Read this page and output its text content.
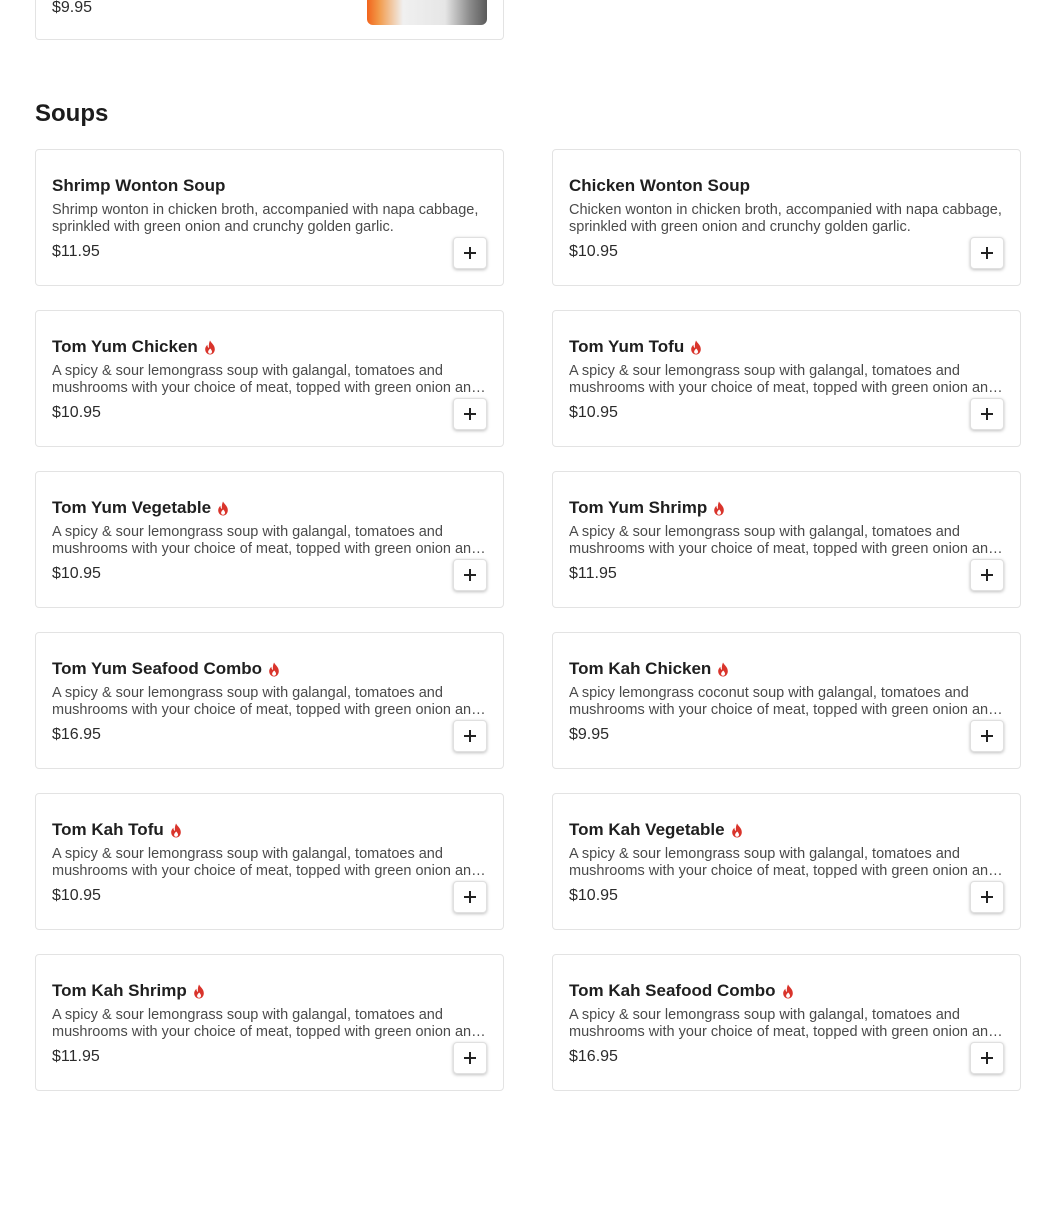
$9.95
Soups
Shrimp Wonton Soup
Shrimp wonton in chicken broth, accompanied with napa cabbage, sprinkled with green onion and crunchy golden garlic.
$11.95
Chicken Wonton Soup
Chicken wonton in chicken broth, accompanied with napa cabbage, sprinkled with green onion and crunchy golden garlic.
$10.95
Tom Yum Chicken
A spicy & sour lemongrass soup with galangal, tomatoes and mushrooms with your choice of meat, topped with green onion and
$10.95
Tom Yum Tofu
A spicy & sour lemongrass soup with galangal, tomatoes and mushrooms with your choice of meat, topped with green onion and
$10.95
Tom Yum Vegetable
A spicy & sour lemongrass soup with galangal, tomatoes and mushrooms with your choice of meat, topped with green onion and
$10.95
Tom Yum Shrimp
A spicy & sour lemongrass soup with galangal, tomatoes and mushrooms with your choice of meat, topped with green onion and
$11.95
Tom Yum Seafood Combo
A spicy & sour lemongrass soup with galangal, tomatoes and mushrooms with your choice of meat, topped with green onion and
$16.95
Tom Kah Chicken
A spicy lemongrass coconut soup with galangal, tomatoes and mushrooms with your choice of meat, topped with green onion and
$9.95
Tom Kah Tofu
A spicy & sour lemongrass soup with galangal, tomatoes and mushrooms with your choice of meat, topped with green onion and
$10.95
Tom Kah Vegetable
A spicy & sour lemongrass soup with galangal, tomatoes and mushrooms with your choice of meat, topped with green onion and
$10.95
Tom Kah Shrimp
A spicy & sour lemongrass soup with galangal, tomatoes and mushrooms with your choice of meat, topped with green onion and
$11.95
Tom Kah Seafood Combo
A spicy & sour lemongrass soup with galangal, tomatoes and mushrooms with your choice of meat, topped with green onion and
$16.95
